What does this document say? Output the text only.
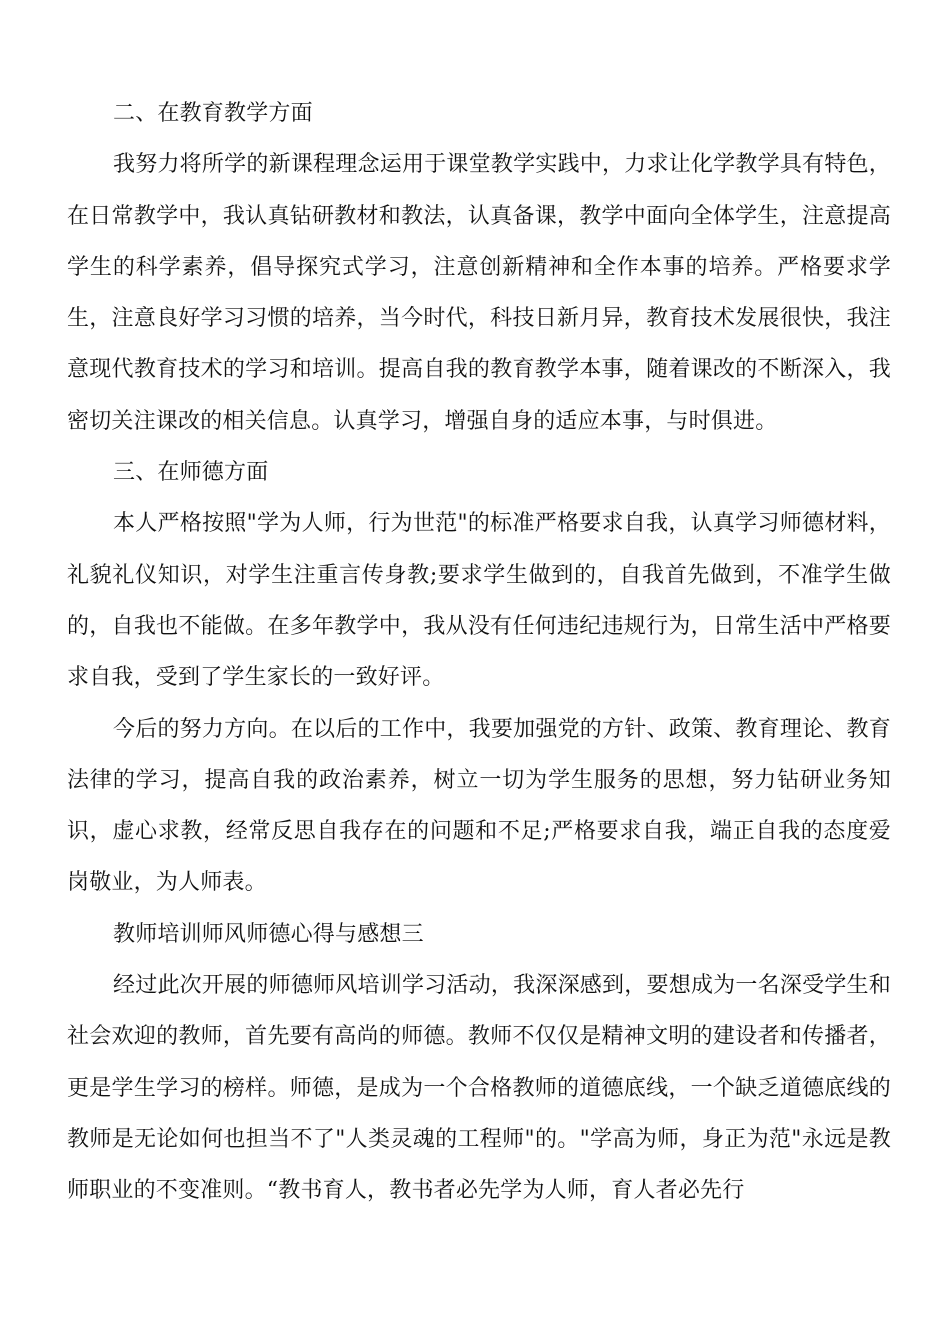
二、在教育教学方面

我努力将所学的新课程理念运用于课堂教学实践中，力求让化学教学具有特色，在日常教学中，我认真钻研教材和教法，认真备课，教学中面向全体学生，注意提高学生的科学素养，倡导探究式学习，注意创新精神和全作本事的培养。严格要求学生，注意良好学习习惯的培养，当今时代，科技日新月异，教育技术发展很快，我注意现代教育技术的学习和培训。提高自我的教育教学本事，随着课改的不断深入，我密切关注课改的相关信息。认真学习，增强自身的适应本事，与时俱进。

三、在师德方面

本人严格按照"学为人师，行为世范"的标准严格要求自我，认真学习师德材料，礼貌礼仪知识，对学生注重言传身教;要求学生做到的，自我首先做到，不准学生做的，自我也不能做。在多年教学中，我从没有任何违纪违规行为，日常生活中严格要求自我，受到了学生家长的一致好评。

今后的努力方向。在以后的工作中，我要加强党的方针、政策、教育理论、教育法律的学习，提高自我的政治素养，树立一切为学生服务的思想，努力钻研业务知识，虚心求教，经常反思自我存在的问题和不足;严格要求自我，端正自我的态度爱岗敬业，为人师表。

教师培训师风师德心得与感想三

经过此次开展的师德师风培训学习活动，我深深感到，要想成为一名深受学生和社会欢迎的教师，首先要有高尚的师德。教师不仅仅是精神文明的建设者和传播者，更是学生学习的榜样。师德，是成为一个合格教师的道德底线，一个缺乏道德底线的教师是无论如何也担当不了"人类灵魂的工程师"的。"学高为师，身正为范"永远是教师职业的不变准则。“教书育人，教书者必先学为人师，育人者必先行
